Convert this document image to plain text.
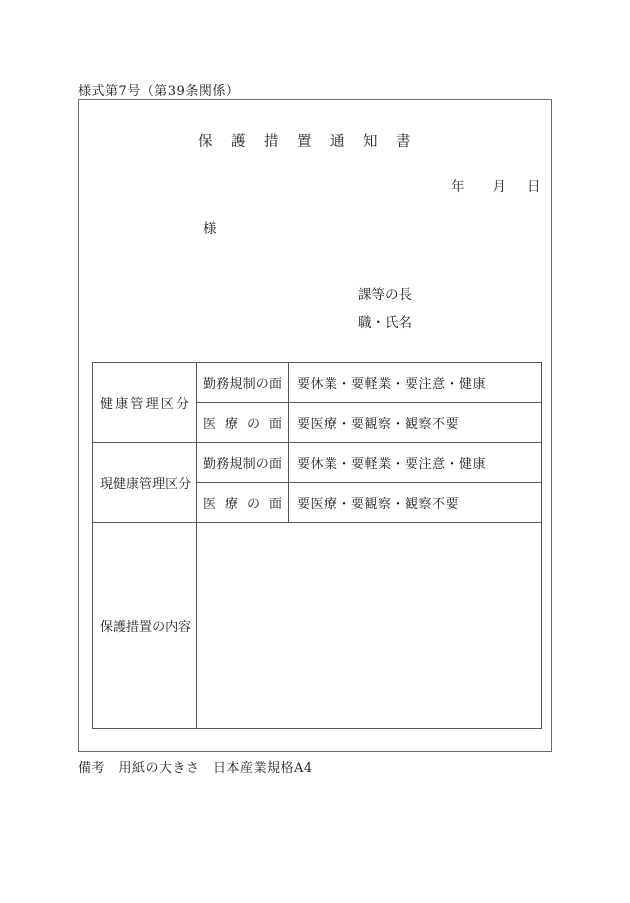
様式第7号（第39条関係）
保護措置通知書
年 月 日
様
課等の長
職・氏名
健 康 管 理 区 分

勤 務 規 制 の 面	要休業・要軽業・要注意・健康

	医 療 の 面	要医療・要観察・観察不要

現 健 康 管 理 区 分

勤 務 規 制 の 面	要休業・要軽業・要注意・健康

	医 療 の 面	要医療・要観察・観察不要

保 護 措 置 の 内 容

備考　用紙の大きさ　日本産業規格A4
